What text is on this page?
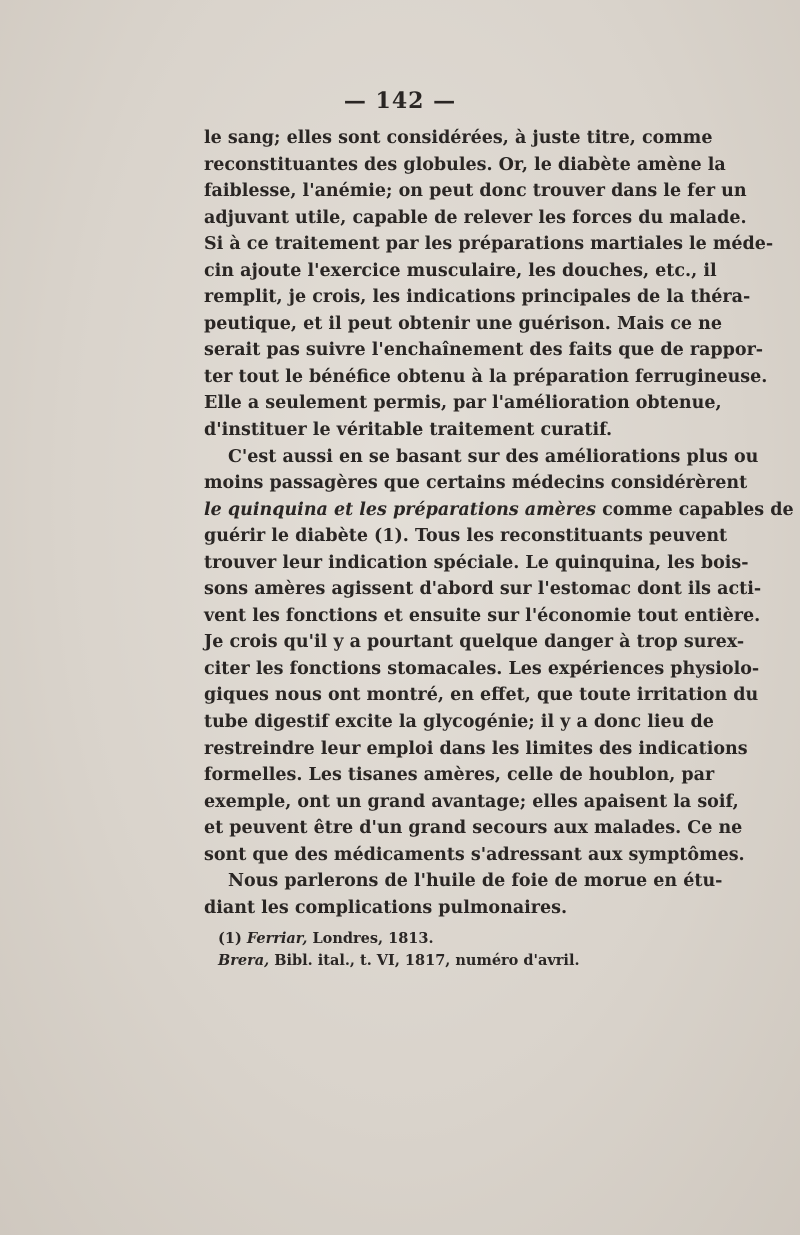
— 142 —
le sang; elles sont considérées, à juste titre, comme
reconstituantes des globules. Or, le diabète amène la
faiblesse, l'anémie; on peut donc trouver dans le fer un
adjuvant utile, capable de relever les forces du malade.
Si à ce traitement par les préparations martiales le méde-
cin ajoute l'exercice musculaire, les douches, etc., il
remplit, je crois, les indications principales de la théra-
peutique, et il peut obtenir une guérison. Mais ce ne
serait pas suivre l'enchaînement des faits que de rappor-
ter tout le bénéfice obtenu à la préparation ferrugineuse.
Elle a seulement permis, par l'amélioration obtenue,
d'instituer le véritable traitement curatif.
C'est aussi en se basant sur des améliorations plus ou
moins passagères que certains médecins considérèrent
le quinquina et les préparations amères comme capables de
guérir le diabète (1). Tous les reconstituants peuvent
trouver leur indication spéciale. Le quinquina, les bois-
sons amères agissent d'abord sur l'estomac dont ils acti-
vent les fonctions et ensuite sur l'économie tout entière.
Je crois qu'il y a pourtant quelque danger à trop surex-
citer les fonctions stomacales. Les expériences physiolo-
giques nous ont montré, en effet, que toute irritation du
tube digestif excite la glycogénie; il y a donc lieu de
restreindre leur emploi dans les limites des indications
formelles. Les tisanes amères, celle de houblon, par
exemple, ont un grand avantage; elles apaisent la soif,
et peuvent être d'un grand secours aux malades. Ce ne
sont que des médicaments s'adressant aux symptômes.
Nous parlerons de l'huile de foie de morue en étu-
diant les complications pulmonaires.
(1) Ferriar, Londres, 1813.
Brera, Bibl. ital., t. VI, 1817, numéro d'avril.
